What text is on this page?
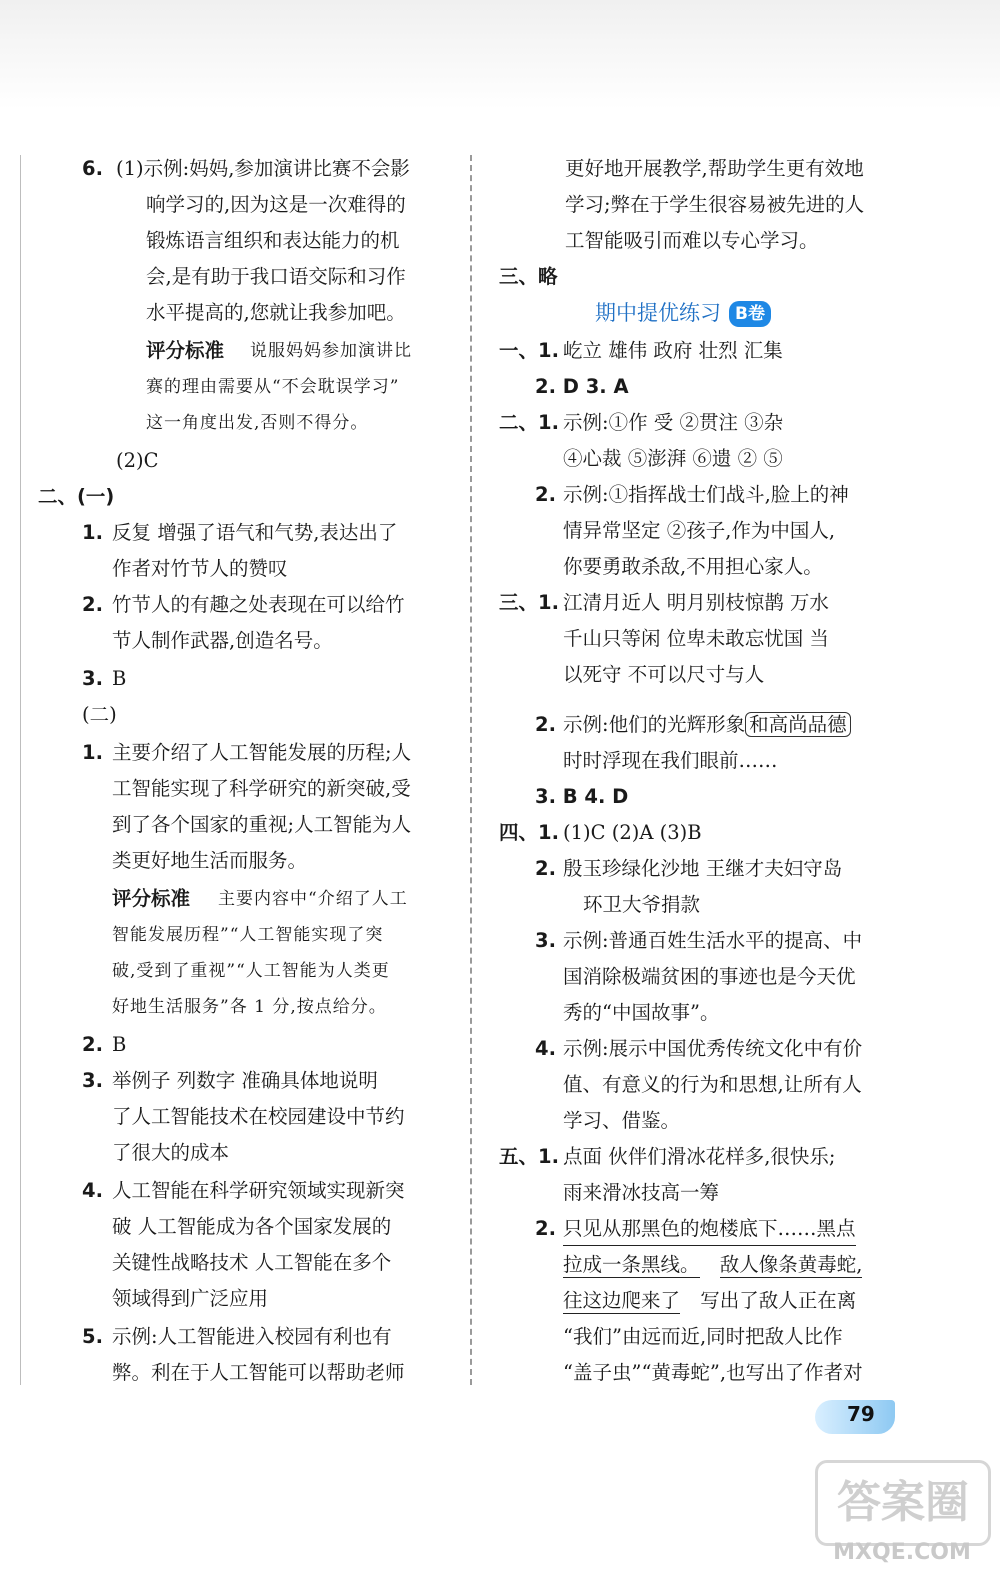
6. (1)示例:妈妈,参加演讲比赛不会影
响学习的,因为这是一次难得的
锻炼语言组织和表达能力的机
会,是有助于我口语交际和习作
水平提高的,您就让我参加吧。
评分标准 说服妈妈参加演讲比
赛的理由需要从“不会耽误学习”
这一角度出发,否则不得分。
(2)C
二、(一)
1. 反复 增强了语气和气势,表达出了
作者对竹节人的赞叹
2. 竹节人的有趣之处表现在可以给竹
节人制作武器,创造名号。
3. B
(二)
1. 主要介绍了人工智能发展的历程;人
工智能实现了科学研究的新突破,受
到了各个国家的重视;人工智能为人
类更好地生活而服务。
评分标准 主要内容中“介绍了人工
智能发展历程”“人工智能实现了突
破,受到了重视”“人工智能为人类更
好地生活服务”各 1 分,按点给分。
2. B
3. 举例子 列数字 准确具体地说明
了人工智能技术在校园建设中节约
了很大的成本
4. 人工智能在科学研究领域实现新突
破 人工智能成为各个国家发展的
关键性战略技术 人工智能在多个
领域得到广泛应用
5. 示例:人工智能进入校园有利也有
弊。利在于人工智能可以帮助老师
更好地开展教学,帮助学生更有效地
学习;弊在于学生很容易被先进的人
工智能吸引而难以专心学习。
三、略
期中提优练习 B卷
一、1. 屹立 雄伟 政府 壮烈 汇集
2. D 3. A
二、1. 示例:①作 受 ②贯注 ③杂
④心裁 ⑤澎湃 ⑥遗 ② ⑤
2. 示例:①指挥战士们战斗,脸上的神
情异常坚定 ②孩子,作为中国人,
你要勇敢杀敌,不用担心家人。
三、1. 江清月近人 明月别枝惊鹊 万水
千山只等闲 位卑未敢忘忧国 当
以死守 不可以尺寸与人
2. 示例:他们的光辉形象 和高尚品德
时时浮现在我们眼前……
3. B 4. D
四、1. (1)C (2)A (3)B
2. 殷玉珍绿化沙地 王继才夫妇守岛
环卫大爷捐款
3. 示例:普通百姓生活水平的提高、中
国消除极端贫困的事迹也是今天优
秀的“中国故事”。
4. 示例:展示中国优秀传统文化中有价
值、有意义的行为和思想,让所有人
学习、借鉴。
五、1. 点面 伙伴们滑冰花样多,很快乐;
雨来滑冰技高一筹
2. 只见从那黑色的炮楼底下……黑点
拉成一条黑线。 敌人像条黄毒蛇,
往这边爬来了 写出了敌人正在离
“我们”由远而近,同时把敌人比作
“盖子虫”“黄毒蛇”,也写出了作者对
79
答案圈
MXQE.COM
